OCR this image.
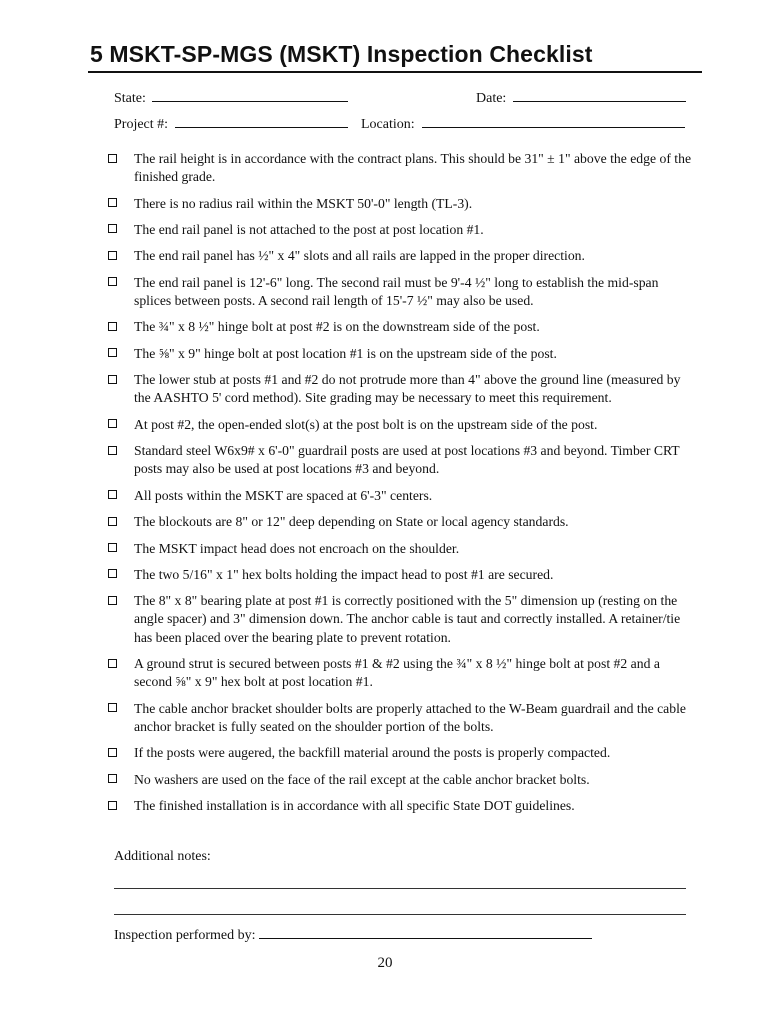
5 MSKT-SP-MGS (MSKT) Inspection Checklist
State:	Date:
Project #:	Location:
The rail height is in accordance with the contract plans. This should be 31" ± 1" above the edge of the finished grade.
There is no radius rail within the MSKT 50'-0" length (TL-3).
The end rail panel is not attached to the post at post location #1.
The end rail panel has ½" x 4" slots and all rails are lapped in the proper direction.
The end rail panel is 12'-6" long. The second rail must be 9'-4 ½" long to establish the mid-span splices between posts. A second rail length of 15'-7 ½" may also be used.
The ¾" x 8 ½" hinge bolt at post #2 is on the downstream side of the post.
The ⅝" x 9" hinge bolt at post location #1 is on the upstream side of the post.
The lower stub at posts #1 and #2 do not protrude more than 4" above the ground line (measured by the AASHTO 5' cord method). Site grading may be necessary to meet this requirement.
At post #2, the open-ended slot(s) at the post bolt is on the upstream side of the post.
Standard steel W6x9# x 6'-0" guardrail posts are used at post locations #3 and beyond. Timber CRT posts may also be used at post locations #3 and beyond.
All posts within the MSKT are spaced at 6'-3" centers.
The blockouts are 8" or 12" deep depending on State or local agency standards.
The MSKT impact head does not encroach on the shoulder.
The two 5/16" x 1" hex bolts holding the impact head to post #1 are secured.
The 8" x 8" bearing plate at post #1 is correctly positioned with the 5" dimension up (resting on the angle spacer) and 3" dimension down. The anchor cable is taut and correctly installed. A retainer/tie has been placed over the bearing plate to prevent rotation.
A ground strut is secured between posts #1 & #2 using the ¾" x 8 ½" hinge bolt at post #2 and a second ⅝" x 9" hex bolt at post location #1.
The cable anchor bracket shoulder bolts are properly attached to the W-Beam guardrail and the cable anchor bracket is fully seated on the shoulder portion of the bolts.
If the posts were augered, the backfill material around the posts is properly compacted.
No washers are used on the face of the rail except at the cable anchor bracket bolts.
The finished installation is in accordance with all specific State DOT guidelines.
Additional notes:
Inspection performed by:
20
